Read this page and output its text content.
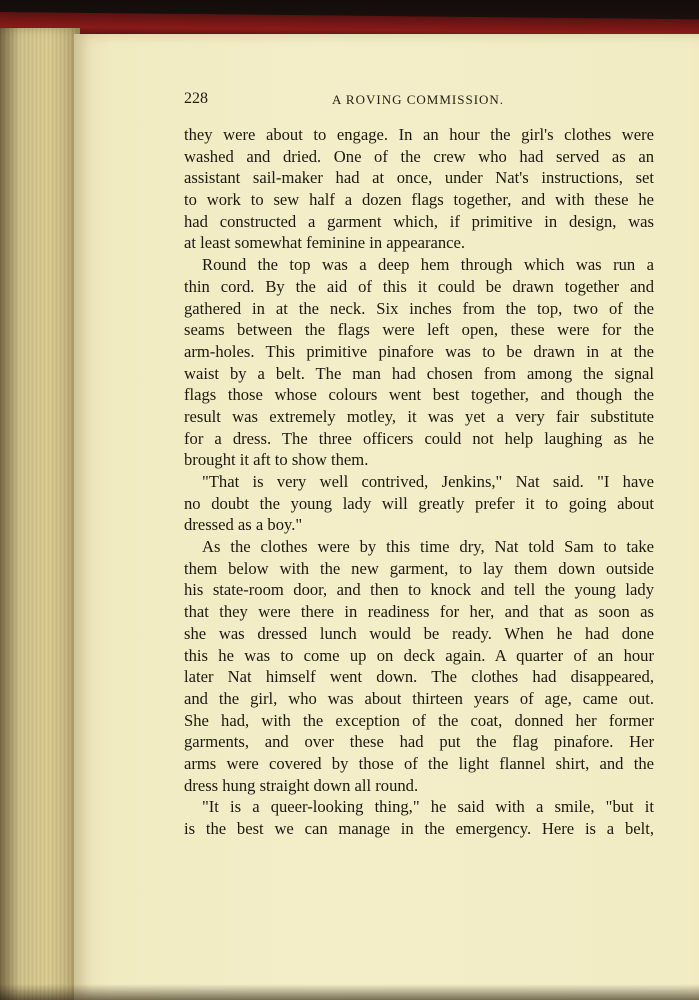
228	A ROVING COMMISSION.
they were about to engage. In an hour the girl's clothes were
washed and dried. One of the crew who had served as an
assistant sail-maker had at once, under Nat's instructions, set
to work to sew half a dozen flags together, and with these he
had constructed a garment which, if primitive in design, was
at least somewhat feminine in appearance.
Round the top was a deep hem through which was run a
thin cord. By the aid of this it could be drawn together and
gathered in at the neck. Six inches from the top, two of the
seams between the flags were left open, these were for the
arm-holes. This primitive pinafore was to be drawn in at the
waist by a belt. The man had chosen from among the signal
flags those whose colours went best together, and though the
result was extremely motley, it was yet a very fair substitute
for a dress. The three officers could not help laughing as he
brought it aft to show them.
"That is very well contrived, Jenkins," Nat said. "I have
no doubt the young lady will greatly prefer it to going about
dressed as a boy."
As the clothes were by this time dry, Nat told Sam to take
them below with the new garment, to lay them down outside
his state-room door, and then to knock and tell the young lady
that they were there in readiness for her, and that as soon as
she was dressed lunch would be ready. When he had done
this he was to come up on deck again. A quarter of an hour
later Nat himself went down. The clothes had disappeared,
and the girl, who was about thirteen years of age, came out.
She had, with the exception of the coat, donned her former
garments, and over these had put the flag pinafore. Her
arms were covered by those of the light flannel shirt, and the
dress hung straight down all round.
"It is a queer-looking thing," he said with a smile, "but it
is the best we can manage in the emergency. Here is a belt,
